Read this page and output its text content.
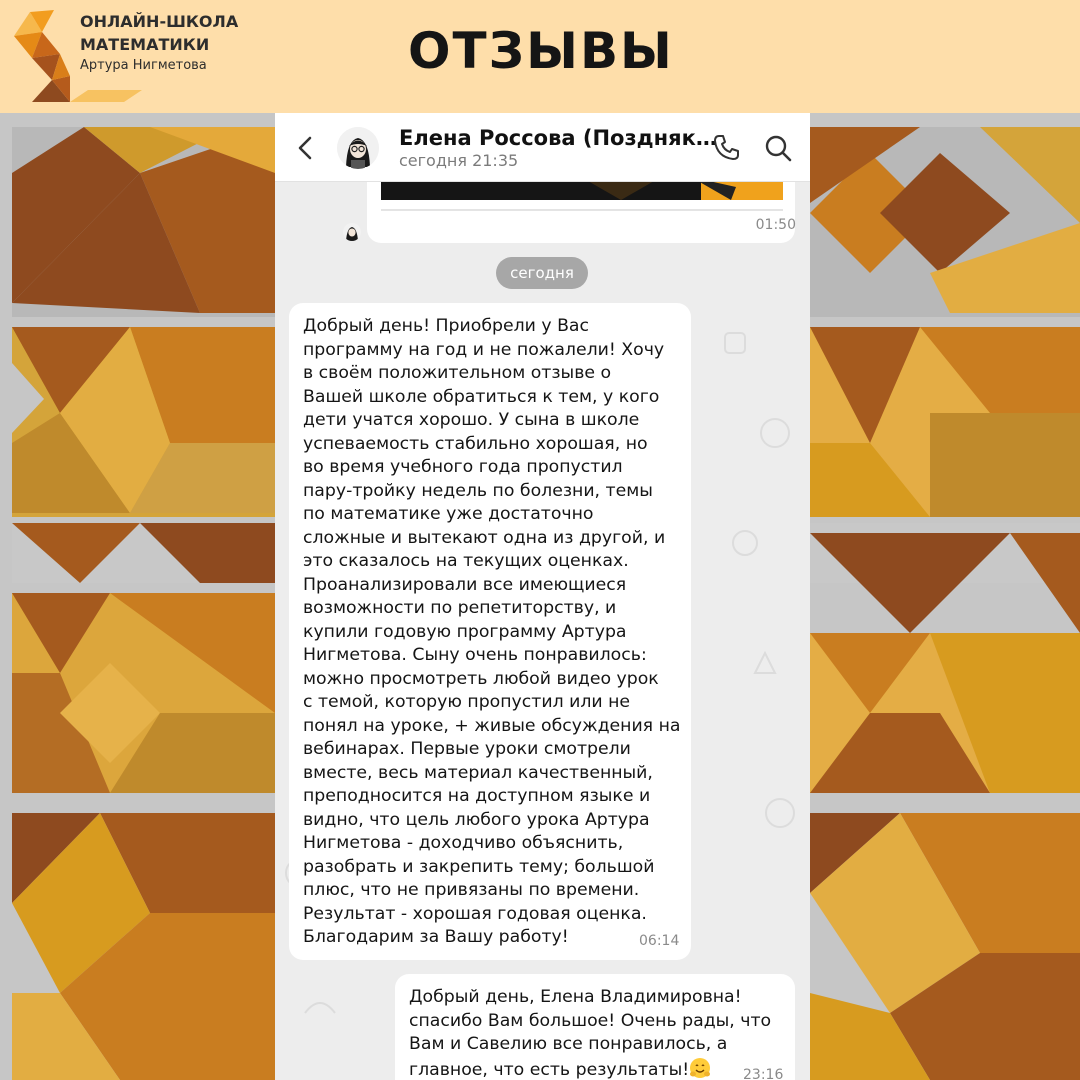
ОНЛАЙН-ШКОЛА
МАТЕМАТИКИ
Артура Нигметова	ОТЗЫВЫ
Елена Россова (Поздняк…
сегодня 21:35
01:50
сегодня
Добрый день! Приобрели у Вас
программу на год и не пожалели! Хочу
в своём положительном отзыве о
Вашей школе обратиться к тем, у кого
дети учатся хорошо. У сына в школе
успеваемость стабильно хорошая, но
во время учебного года пропустил
пару-тройку недель по болезни, темы
по математике уже достаточно
сложные и вытекают одна из другой, и
это сказалось на текущих оценках.
Проанализировали все имеющиеся
возможности по репетиторству, и
купили годовую программу Артура
Нигметова. Сыну очень понравилось:
можно просмотреть любой видео урок
с темой, которую пропустил или не
понял на уроке, + живые обсуждения на
вебинарах. Первые уроки смотрели
вместе, весь материал качественный,
преподносится на доступном языке и
видно, что цель любого урока Артура
Нигметова - доходчиво объяснить,
разобрать и закрепить тему; большой
плюс, что не привязаны по времени.
Результат - хорошая годовая оценка.
Благодарим за Вашу работу!	06:14
Добрый день, Елена Владимировна!
спасибо Вам большое! Очень рады, что
Вам и Савелию все понравилось, а
главное, что есть результаты!	23:16
